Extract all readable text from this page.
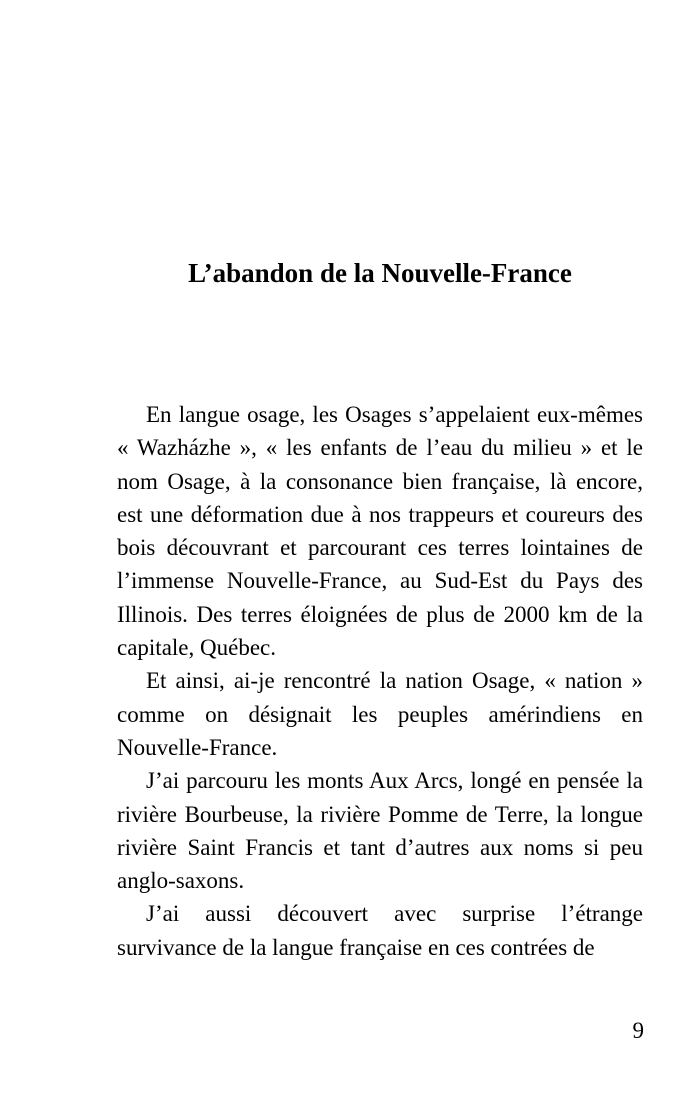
L’abandon de la Nouvelle-France

En langue osage, les Osages s’appelaient eux-mêmes « Wazházhe », « les enfants de l’eau du milieu » et le nom Osage, à la consonance bien française, là encore, est une déformation due à nos trappeurs et coureurs des bois découvrant et parcourant ces terres lointaines de l’immense Nouvelle-France, au Sud-Est du Pays des Illinois. Des terres éloignées de plus de 2000 km de la capitale, Québec.

Et ainsi, ai-je rencontré la nation Osage, « nation » comme on désignait les peuples amérindiens en Nouvelle-France.

J’ai parcouru les monts Aux Arcs, longé en pensée la rivière Bourbeuse, la rivière Pomme de Terre, la longue rivière Saint Francis et tant d’autres aux noms si peu anglo-saxons.

J’ai aussi découvert avec surprise l’étrange survivance de la langue française en ces contrées de

9
